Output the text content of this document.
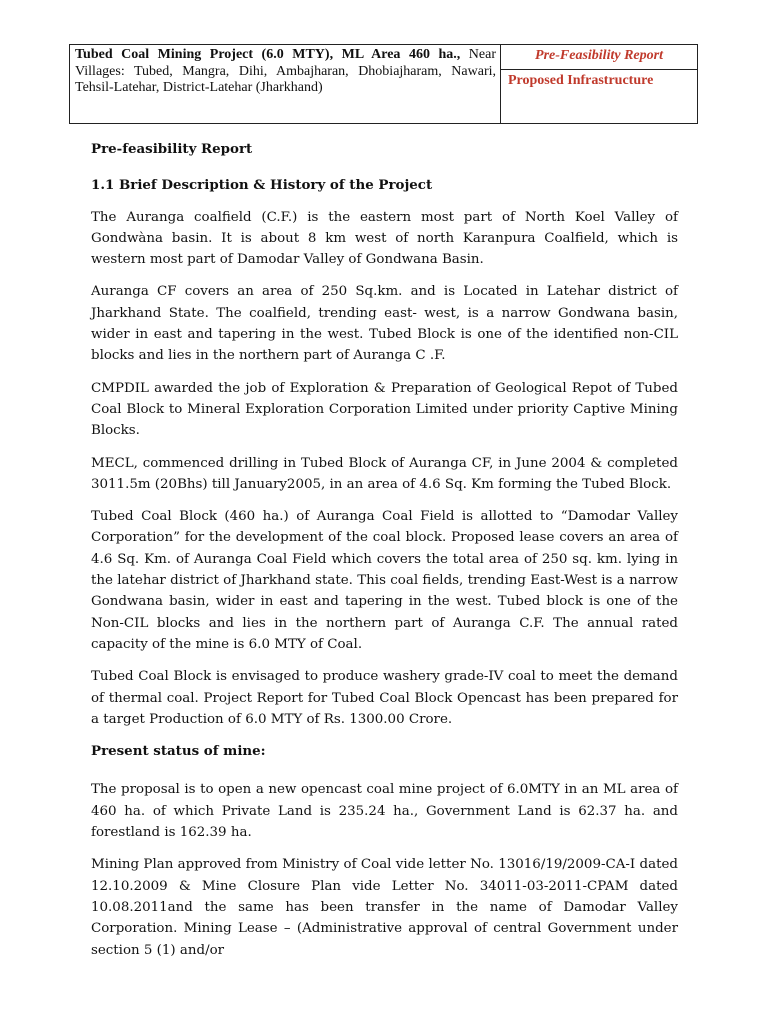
Tubed Coal Mining Project (6.0 MTY), ML Area 460 ha., Near Villages: Tubed, Mangra, Dihi, Ambajharan, Dhobiajharam, Nawari, Tehsil-Latehar, District-Latehar (Jharkhand)
Pre-Feasibility Report
Proposed Infrastructure

Pre-feasibility Report

1.1 Brief Description & History of the Project

The Auranga coalfield (C.F.) is the eastern most part of North Koel Valley of Gondwàna basin. It is about 8 km west of north Karanpura Coalfield, which is western most part of Damodar Valley of Gondwana Basin.

Auranga CF covers an area of 250 Sq.km. and is Located in Latehar district of Jharkhand State. The coalfield, trending east- west, is a narrow Gondwana basin, wider in east and tapering in the west. Tubed Block is one of the identified non-CIL blocks and lies in the northern part of Auranga C .F.

CMPDIL awarded the job of Exploration & Preparation of Geological Repot of Tubed Coal Block to Mineral Exploration Corporation Limited under priority Captive Mining Blocks.

MECL, commenced drilling in Tubed Block of Auranga CF, in June 2004 & completed 3011.5m (20Bhs) till January2005, in an area of 4.6 Sq. Km forming the Tubed Block.

Tubed Coal Block (460 ha.) of Auranga Coal Field is allotted to “Damodar Valley Corporation” for the development of the coal block. Proposed lease covers an area of 4.6 Sq. Km. of Auranga Coal Field which covers the total area of 250 sq. km. lying in the latehar district of Jharkhand state. This coal fields, trending East-West is a narrow Gondwana basin, wider in east and tapering in the west. Tubed block is one of the Non-CIL blocks and lies in the northern part of Auranga C.F. The annual rated capacity of the mine is 6.0 MTY of Coal.

Tubed Coal Block is envisaged to produce washery grade-IV coal to meet the demand of thermal coal. Project Report for Tubed Coal Block Opencast has been prepared for a target Production of 6.0 MTY of Rs. 1300.00 Crore.

Present status of mine:

The proposal is to open a new opencast coal mine project of 6.0MTY in an ML area of 460 ha. of which Private Land is 235.24 ha., Government Land is 62.37 ha. and forestland is 162.39 ha.

Mining Plan approved from Ministry of Coal vide letter No. 13016/19/2009-CA-I dated 12.10.2009 & Mine Closure Plan vide Letter No. 34011-03-2011-CPAM dated 10.08.2011and the same has been transfer in the name of Damodar Valley Corporation. Mining Lease – (Administrative approval of central Government under section 5 (1) and/or
